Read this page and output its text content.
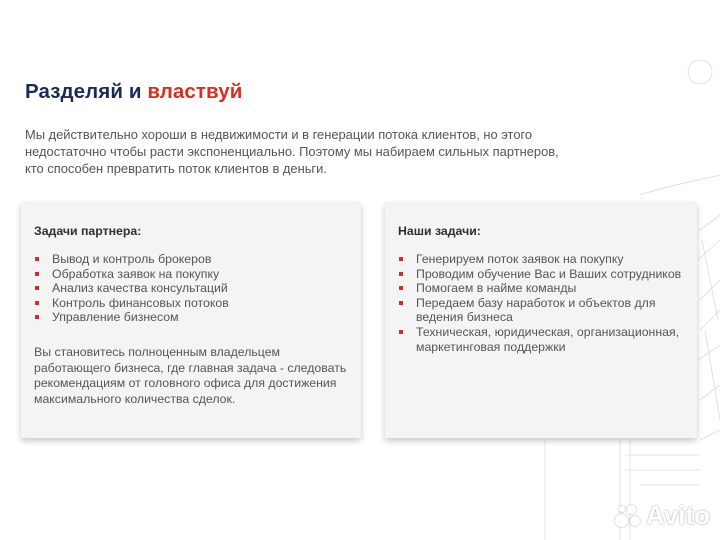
Разделяй и властвуй
Мы действительно хороши в недвижимости и в генерации потока клиентов, но этого недостаточно чтобы расти экспоненциально. Поэтому мы набираем сильных партнеров, кто способен превратить поток клиентов в деньги.
Задачи партнера:
Вывод и контроль брокеров
Обработка заявок на покупку
Анализ качества консультаций
Контроль финансовых потоков
Управление бизнесом
Вы становитесь полноценным владельцем работающего бизнеса, где главная задача - следовать рекомендациям от головного офиса для достижения максимального количества сделок.
Наши задачи:
Генерируем поток заявок на покупку
Проводим обучение Вас и Ваших сотрудников
Помогаем в найме команды
Передаем базу наработок и объектов для ведения бизнеса
Техническая, юридическая, организационная, маркетинговая поддержки
Avito
